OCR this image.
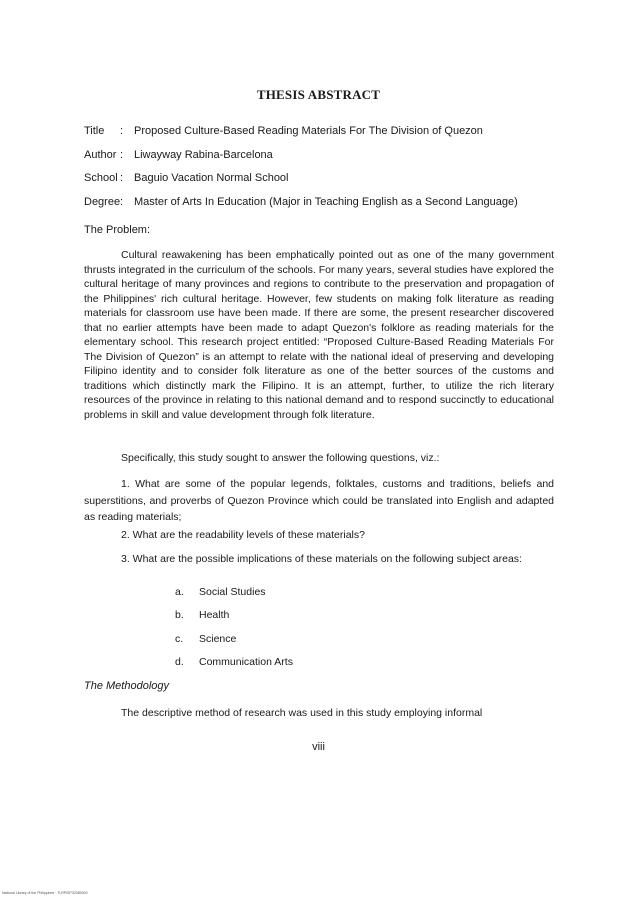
THESIS ABSTRACT
Title : Proposed Culture-Based Reading Materials For The Division of Quezon
Author : Liwayway Rabina-Barcelona
School : Baguio Vacation Normal School
Degree : Master of Arts In Education (Major in Teaching English as a Second Language)
The Problem:

Cultural reawakening has been emphatically pointed out as one of the many government thrusts integrated in the curriculum of the schools. For many years, several studies have explored the cultural heritage of many provinces and regions to contribute to the preservation and propagation of the Philippines' rich cultural heritage. However, few students on making folk literature as reading materials for classroom use have been made. If there are some, the present researcher discovered that no earlier attempts have been made to adapt Quezon's folklore as reading materials for the elementary school. This research project entitled: “Proposed Culture-Based Reading Materials For The Division of Quezon” is an attempt to relate with the national ideal of preserving and developing Filipino identity and to consider folk literature as one of the better sources of the customs and traditions which distinctly mark the Filipino. It is an attempt, further, to utilize the rich literary resources of the province in relating to this national demand and to respond succinctly to educational problems in skill and value development through folk literature.

Specifically, this study sought to answer the following questions, viz.:

1. What are some of the popular legends, folktales, customs and traditions, beliefs and superstitions, and proverbs of Quezon Province which could be translated into English and adapted as reading materials;

2. What are the readability levels of these materials?

3. What are the possible implications of these materials on the following subject areas:

a. Social Studies
b. Health
c. Science
d. Communication Arts
The Methodology

The descriptive method of research was used in this study employing informal

viii
National Library of the Philippines · TLRP05732080000
